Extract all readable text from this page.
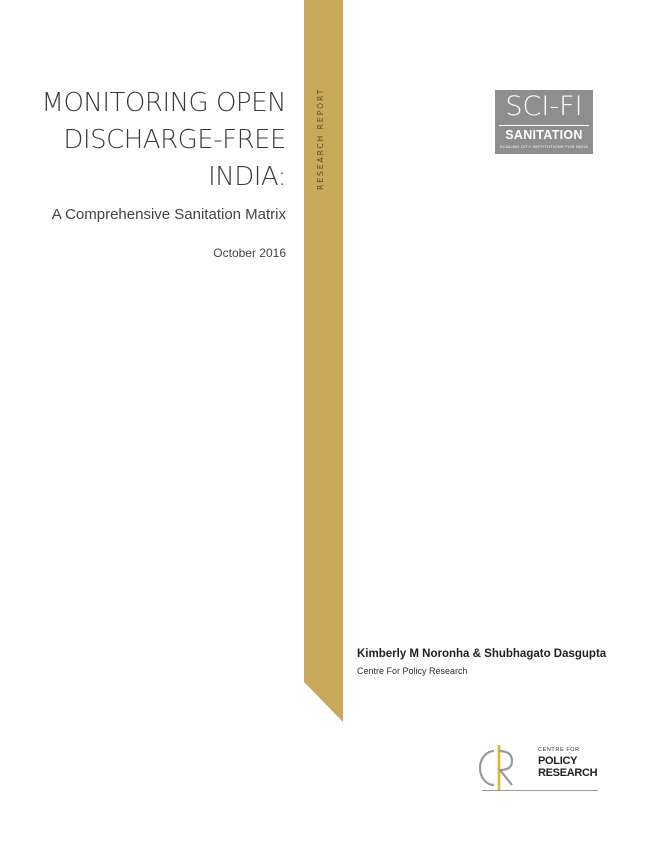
RESEARCH REPORT
MONITORING OPEN
DISCHARGE-FREE
INDIA:
A Comprehensive Sanitation Matrix
October 2016
SCI-FI
SANITATION
SCALING CITY INSTITUTIONS FOR INDIA
Kimberly M Noronha & Shubhagato Dasgupta
Centre For Policy Research
CENTRE FOR
POLICY
RESEARCH
